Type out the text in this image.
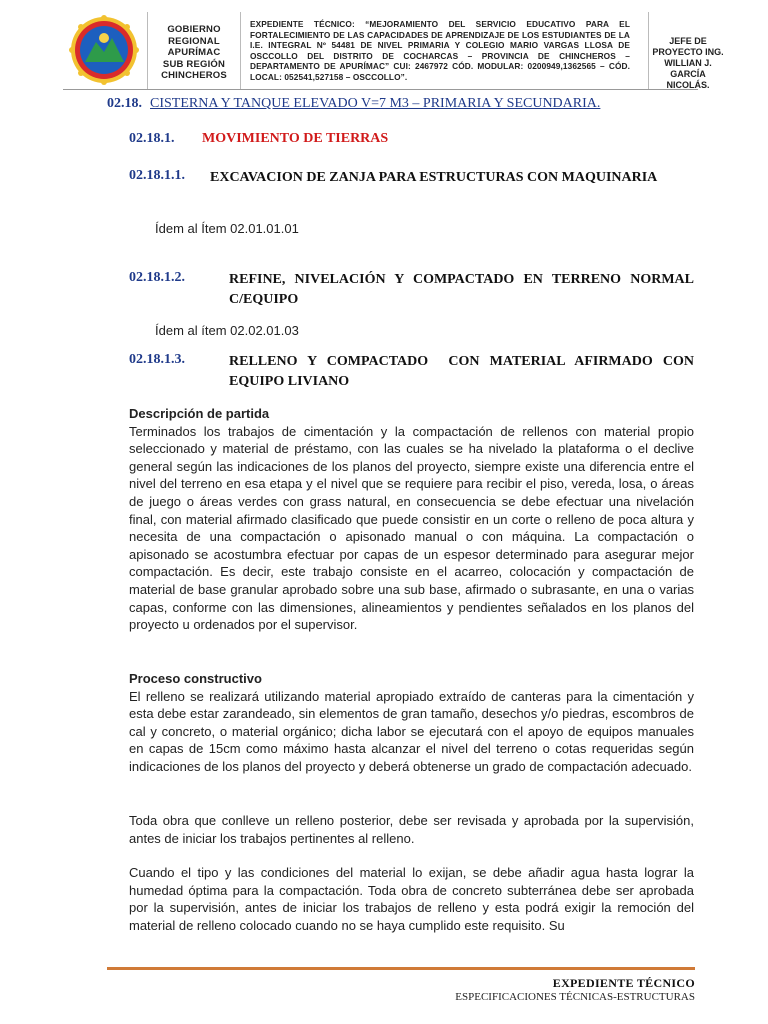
GOBIERNO
REGIONAL
APURÍMAC
SUB REGIÓN
CHINCHEROS
EXPEDIENTE TÉCNICO: “MEJORAMIENTO DEL SERVICIO EDUCATIVO PARA EL FORTALECIMIENTO DE LAS CAPACIDADES DE APRENDIZAJE DE LOS ESTUDIANTES DE LA I.E. INTEGRAL Nº 54481 DE NIVEL PRIMARIA Y COLEGIO MARIO VARGAS LLOSA DE OSCCOLLO DEL DISTRITO DE COCHARCAS – PROVINCIA DE CHINCHEROS – DEPARTAMENTO DE APURÍMAC” CUI: 2467972 CÓD. MODULAR: 0200949,1362565 – CÓD. LOCAL: 052541,527158 – OSCCOLLO”.
JEFE DE
PROYECTO ING.
WILLIAN J. GARCÍA
NICOLÁS.
02.18. CISTERNA Y TANQUE ELEVADO V=7 M3 – PRIMARIA Y SECUNDARIA.
02.18.1. MOVIMIENTO DE TIERRAS
02.18.1.1. EXCAVACION DE ZANJA PARA ESTRUCTURAS CON MAQUINARIA
Ídem al Ítem 02.01.01.01
02.18.1.2.	REFINE, NIVELACIÓN Y COMPACTADO EN TERRENO NORMAL C/EQUIPO
Ídem al ítem 02.02.01.03
02.18.1.3.	RELLENO Y COMPACTADO  CON MATERIAL AFIRMADO CON EQUIPO LIVIANO

Descripción de partida

Terminados los trabajos de cimentación y la compactación de rellenos con material propio seleccionado y material de préstamo, con las cuales se ha nivelado la plataforma o el declive general según las indicaciones de los planos del proyecto, siempre existe una diferencia entre el nivel del terreno en esa etapa y el nivel que se requiere para recibir el piso, vereda, losa, o áreas de juego o áreas verdes con grass natural, en consecuencia se debe efectuar una nivelación final, con material afirmado clasificado que puede consistir en un corte o relleno de poca altura y necesita de una compactación o apisonado manual o con máquina. La compactación o apisonado se acostumbra efectuar por capas de un espesor determinado para asegurar mejor compactación. Es decir, este trabajo consiste en el acarreo, colocación y compactación de material de base granular aprobado sobre una sub base, afirmado o subrasante, en una o varias capas, conforme con las dimensiones, alineamientos y pendientes señalados en los planos del proyecto u ordenados por el supervisor.

Proceso constructivo

El relleno se realizará utilizando material apropiado extraído de canteras para la cimentación y esta debe estar zarandeado, sin elementos de gran tamaño, desechos y/o piedras, escombros de cal y concreto, o material orgánico; dicha labor se ejecutará con el apoyo de equipos manuales en capas de 15cm como máximo hasta alcanzar el nivel del terreno o cotas requeridas según indicaciones de los planos del proyecto y deberá obtenerse un grado de compactación adecuado.

Toda obra que conlleve un relleno posterior, debe ser revisada y aprobada por la supervisión, antes de iniciar los trabajos pertinentes al relleno.

Cuando el tipo y las condiciones del material lo exijan, se debe añadir agua hasta lograr la humedad óptima para la compactación. Toda obra de concreto subterránea debe ser aprobada por la supervisión, antes de iniciar los trabajos de relleno y esta podrá exigir la remoción del material de relleno colocado cuando no se haya cumplido este requisito. Su

EXPEDIENTE TÉCNICO
ESPECIFICACIONES TÉCNICAS-ESTRUCTURAS
